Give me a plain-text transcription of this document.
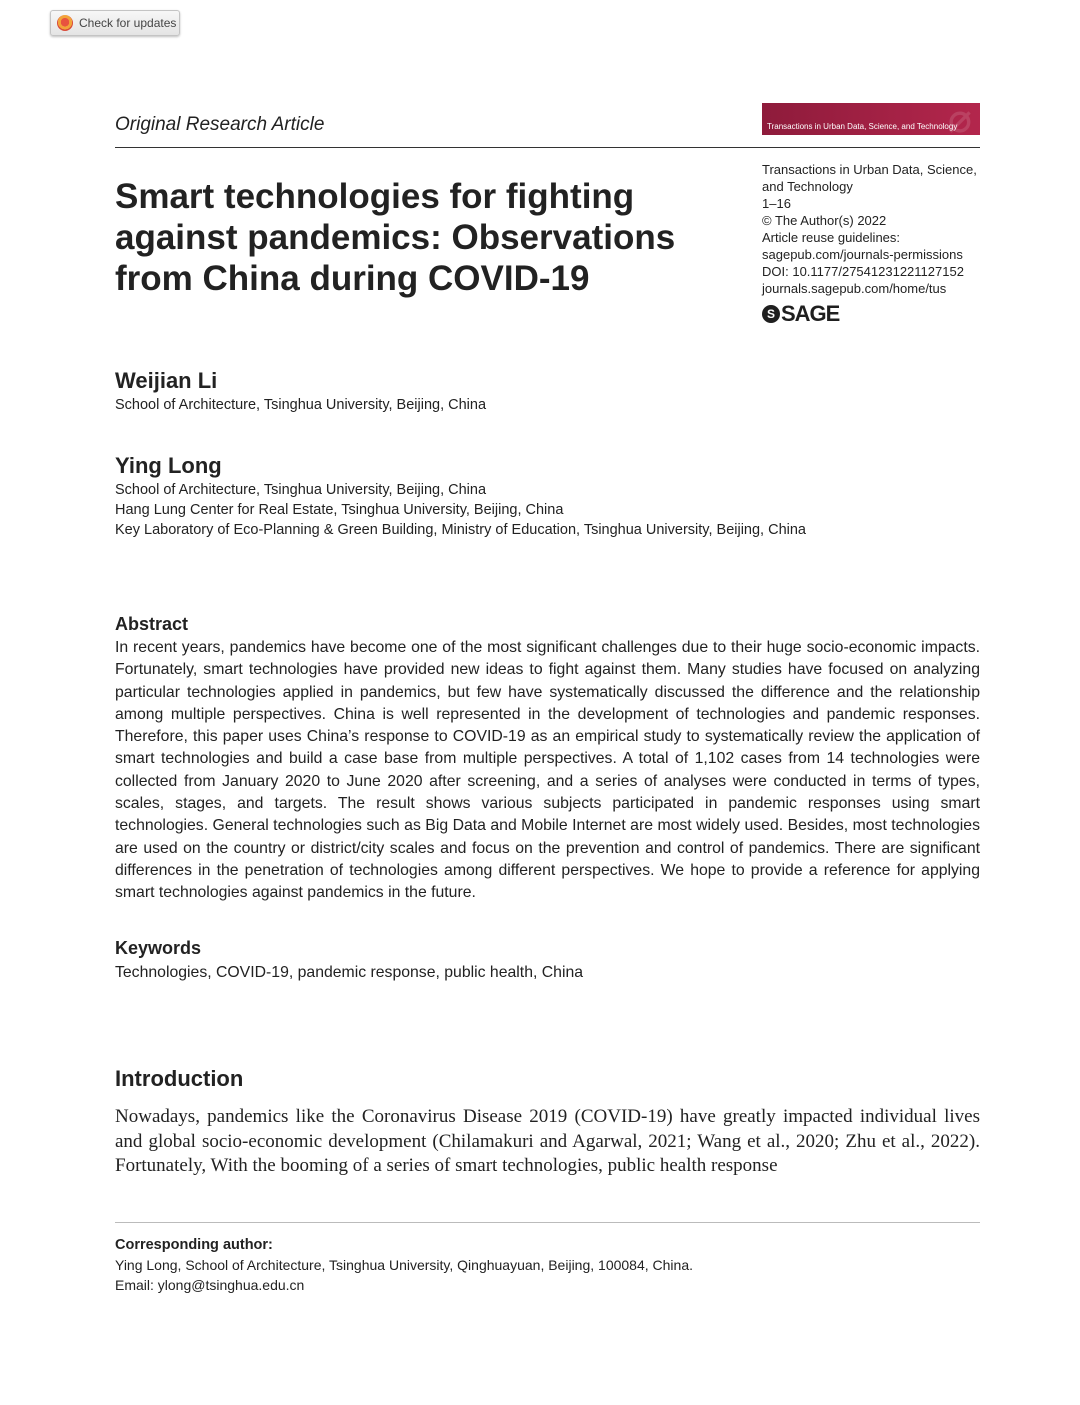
Check for updates
Original Research Article	⌀
Transactions in Urban Data, Science, and Technology
Transactions in Urban Data, Science,
and Technology
1–16
© The Author(s) 2022
Article reuse guidelines:
sagepub.com/journals-permissions
DOI: 10.1177/27541231221127152
journals.sagepub.com/home/tus
S SAGE
Smart technologies for fighting
against pandemics: Observations
from China during COVID-19
Weijian Li
School of Architecture, Tsinghua University, Beijing, China
Ying Long
School of Architecture, Tsinghua University, Beijing, China
Hang Lung Center for Real Estate, Tsinghua University, Beijing, China
Key Laboratory of Eco-Planning & Green Building, Ministry of Education, Tsinghua University, Beijing, China
Abstract
In recent years, pandemics have become one of the most significant challenges due to their huge socio-economic impacts. Fortunately, smart technologies have provided new ideas to fight against them. Many studies have focused on analyzing particular technologies applied in pandemics, but few have systematically discussed the difference and the relationship among multiple perspectives. China is well represented in the development of technologies and pandemic responses. Therefore, this paper uses China’s response to COVID-19 as an empirical study to systematically review the application of smart technologies and build a case base from multiple perspectives. A total of 1,102 cases from 14 technologies were collected from January 2020 to June 2020 after screening, and a series of analyses were conducted in terms of types, scales, stages, and targets. The result shows various subjects participated in pandemic responses using smart technologies. General technologies such as Big Data and Mobile Internet are most widely used. Besides, most technologies are used on the country or district/city scales and focus on the prevention and control of pandemics. There are significant differences in the penetration of technologies among different perspectives. We hope to provide a reference for applying smart technologies against pandemics in the future.
Keywords
Technologies, COVID-19, pandemic response, public health, China
Introduction
Nowadays, pandemics like the Coronavirus Disease 2019 (COVID-19) have greatly impacted individual lives and global socio-economic development (Chilamakuri and Agarwal, 2021; Wang et al., 2020; Zhu et al., 2022). Fortunately, With the booming of a series of smart technologies, public health response
Corresponding author:
Ying Long, School of Architecture, Tsinghua University, Qinghuayuan, Beijing, 100084, China.
Email: ylong@tsinghua.edu.cn
